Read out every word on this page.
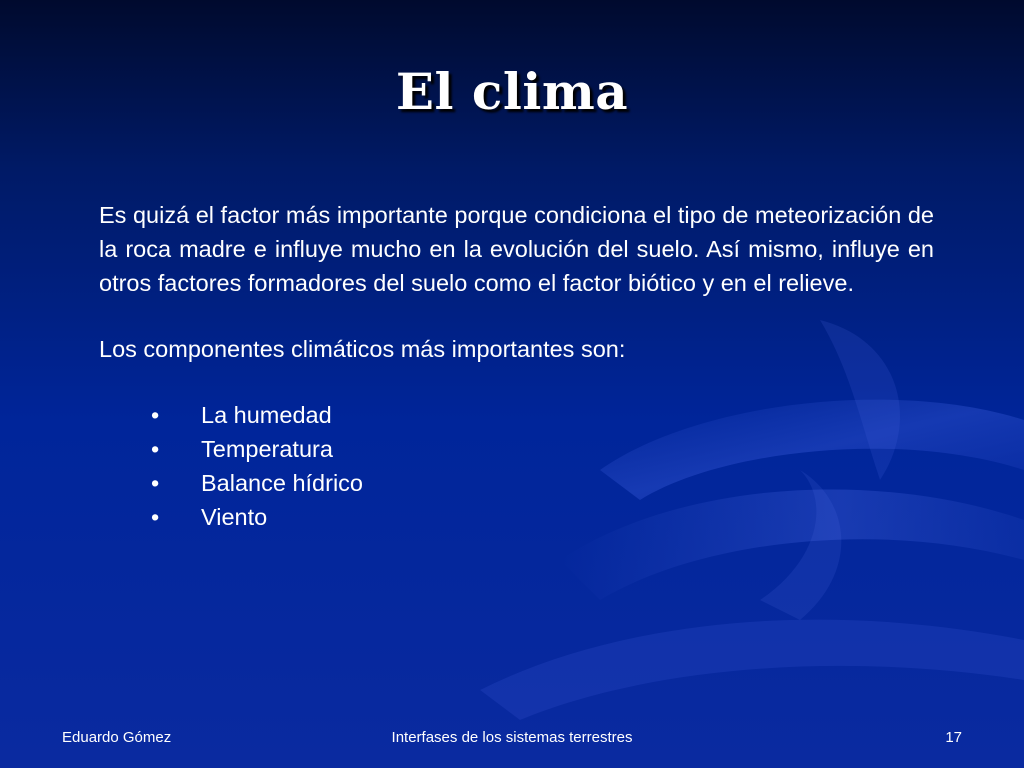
El clima

Es quizá el factor más importante porque condiciona el tipo de meteorización de la roca madre e influye mucho en la evolución del suelo. Así mismo, influye en otros factores formadores del suelo como el factor biótico y en el relieve.

Los componentes climáticos más importantes son:

• La humedad
• Temperatura
• Balance hídrico
• Viento
Eduardo Gómez	Interfases de los sistemas terrestres	17
